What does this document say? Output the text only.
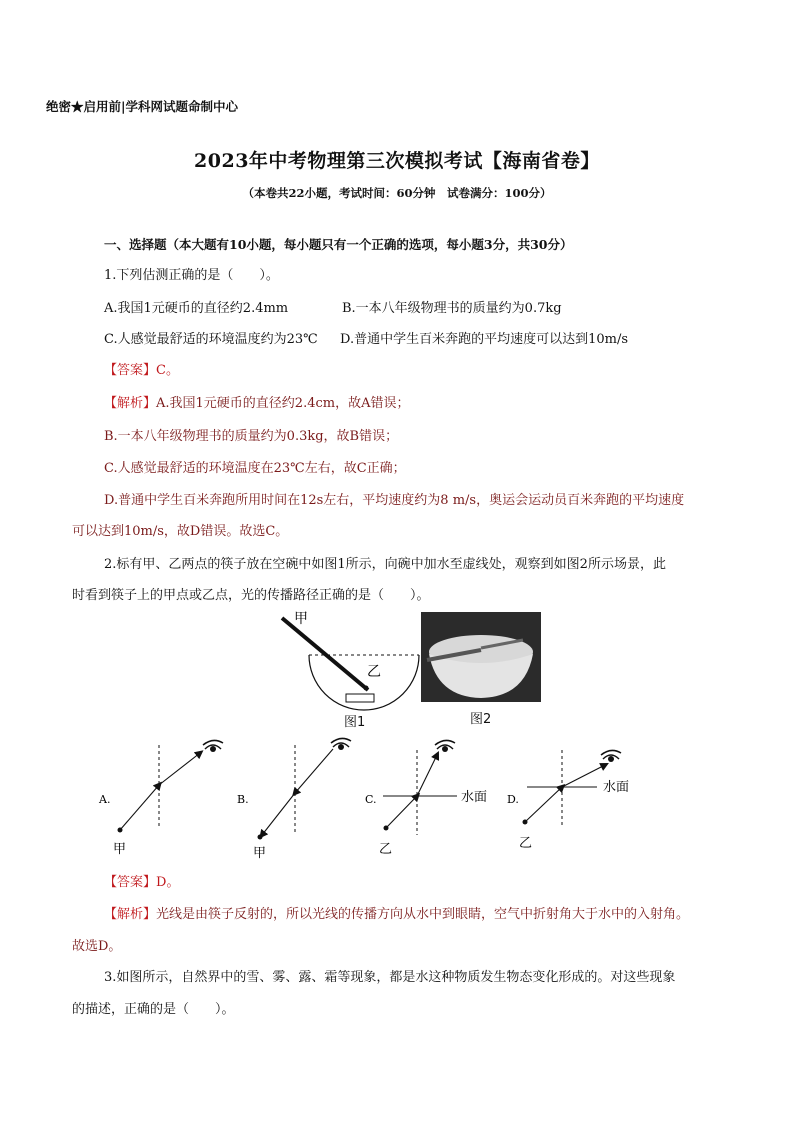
绝密★启用前|学科网试题命制中心
2023年中考物理第三次模拟考试【海南省卷】
（本卷共22小题，考试时间：60分钟　试卷满分：100分）
一、选择题（本大题有10小题，每小题只有一个正确的选项，每小题3分，共30分）
1.下列估测正确的是（　　）。
A.我国1元硬币的直径约2.4mm	B.一本八年级物理书的质量约为0.7kg
C.人感觉最舒适的环境温度约为23℃ D.普通中学生百米奔跑的平均速度可以达到10m/s
【答案】C。
【解析】A.我国1元硬币的直径约2.4cm，故A错误；
B.一本八年级物理书的质量约为0.3kg，故B错误；
C.人感觉最舒适的环境温度在23℃左右，故C正确；
D.普通中学生百米奔跑所用时间在12s左右，平均速度约为8 m/s，奥运会运动员百米奔跑的平均速度
可以达到10m/s，故D错误。故选C。
2.标有甲、乙两点的筷子放在空碗中如图1所示，向碗中加水至虚线处，观察到如图2所示场景，此
时看到筷子上的甲点或乙点，光的传播路径正确的是（　　）。
甲
乙
图1	图2
A.
甲
B.
甲
C.	水面
乙
D.
水面
乙
【答案】D。
【解析】光线是由筷子反射的，所以光线的传播方向从水中到眼睛，空气中折射角大于水中的入射角。
故选D。
3.如图所示，自然界中的雪、雾、露、霜等现象，都是水这种物质发生物态变化形成的。对这些现象
的描述，正确的是（　　）。
